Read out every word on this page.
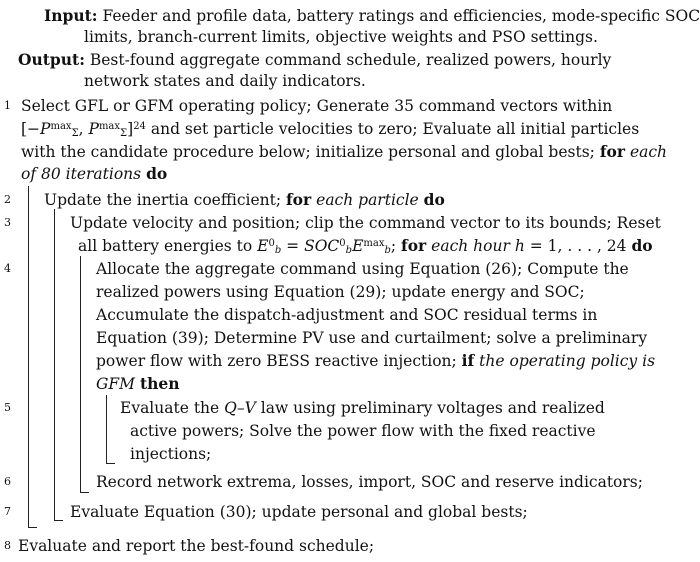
Input: Feeder and profile data, battery ratings and efficiencies, mode-specific SOC
limits, branch-current limits, objective weights and PSO settings.
Output: Best-found aggregate command schedule, realized powers, hourly
network states and daily indicators.
1
2
3
4
5
6
7
8
Select GFL or GFM operating policy; Generate 35 command vectors within
[$-P^{max}_\Sigma$, $P^{max}_\Sigma]^{24}$ and set particle velocities to zero; Evaluate all initial particles
with the candidate procedure below; initialize personal and global bests; for each
of 80 iterations do
Update the inertia coefficient; for each particle do
Update velocity and position; clip the command vector to its bounds; Reset
all battery energies to $E^0_b = SOC^0_bE^{max}_b$; for each hour h = 1, . . . , 24 do
Allocate the aggregate command using Equation (26); Compute the
realized powers using Equation (29); update energy and SOC;
Accumulate the dispatch-adjustment and SOC residual terms in
Equation (39); Determine PV use and curtailment; solve a preliminary
power flow with zero BESS reactive injection; if the operating policy is
GFM then
Evaluate the Q–V law using preliminary voltages and realized
active powers; Solve the power flow with the fixed reactive
injections;
Record network extrema, losses, import, SOC and reserve indicators;
Evaluate Equation (30); update personal and global bests;
Evaluate and report the best-found schedule;
